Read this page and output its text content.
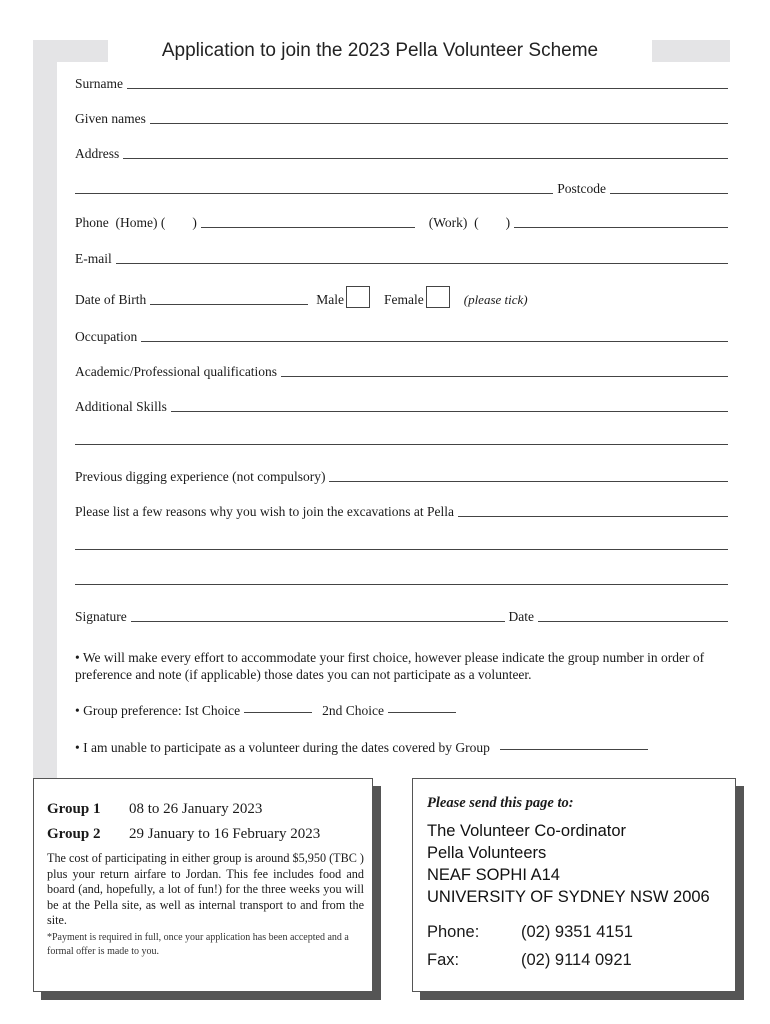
Application to join the 2023 Pella Volunteer Scheme
Surname
Given names
Address
Postcode
Phone  (Home) (        )	(Work)  (        )
E-mail
Date of Birth	Male	Female	(please tick)
Occupation
Academic/Professional qualifications
Additional Skills
Previous digging experience (not compulsory)
Please list a few reasons why you wish to join the excavations at Pella
Signature	Date
• We will make every effort to accommodate your first choice, however please indicate the group number in order of preference and note (if applicable) those dates you can not participate as a volunteer.
• Group preference: Ist Choice	2nd Choice
• I am unable to participate as a volunteer during the dates covered by Group

Group 1 08 to 26 January 2023

Group 2 29 January to 16 February 2023

The cost of participating in either group is around $5,950 (TBC ) plus your return airfare to Jordan. This fee includes food and board (and, hopefully, a lot of fun!) for the three weeks you will be at the Pella site, as well as internal transport to and from the site.
*Payment is required in full, once your application has been accepted and a formal offer is made to you.

Please send this page to:

The Volunteer Co-ordinator
Pella Volunteers
NEAF SOPHI A14
UNIVERSITY OF SYDNEY NSW 2006
Phone:	(02) 9351 4151
Fax:	(02) 9114 0921
